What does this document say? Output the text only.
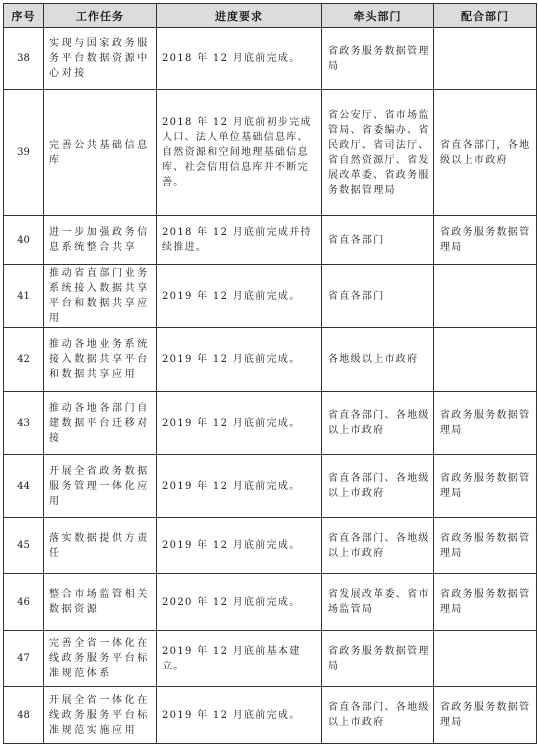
序号	工作任务	进度要求	牵头部门	配合部门
38	实现与国家政务服务平台数据资源中心对接	2018 年 12 月底前完成。	省政务服务数据管理局	
39	完善公共基础信息库	2018 年 12 月底前初步完成人口、法人单位基础信息库、自然资源和空间地理基础信息库、社会信用信息库并不断完善。	省公安厅、省市场监管局、省委编办、省民政厅、省司法厅、省自然资源厅、省发展改革委、省政务服务数据管理局	省直各部门，各地级以上市政府
40	进一步加强政务信息系统整合共享	2018 年 12 月底前完成并持续推进。	省直各部门	省政务服务数据管理局
41	推动省直部门业务系统接入数据共享平台和数据共享应用	2019 年 12 月底前完成。	省直各部门	
42	推动各地业务系统接入数据共享平台和数据共享应用	2019 年 12 月底前完成。	各地级以上市政府	
43	推动各地各部门自建数据平台迁移对接	2019 年 12 月底前完成。	省直各部门、各地级以上市政府	省政务服务数据管理局
44	开展全省政务数据服务管理一体化应用	2019 年 12 月底前完成。	省直各部门、各地级以上市政府	省政务服务数据管理局
45	落实数据提供方责任	2019 年 12 月底前完成。	省直各部门、各地级以上市政府	省政务服务数据管理局
46	整合市场监管相关数据资源	2020 年 12 月底前完成。	省发展改革委、省市场监管局	省政务服务数据管理局
47	完善全省一体化在线政务服务平台标准规范体系	2019 年 12 月底前基本建立。	省政务服务数据管理局	
48	开展全省一体化在线政务服务平台标准规范实施应用	2019 年 12 月底前完成。	省直各部门、各地级以上市政府	省政务服务数据管理局
